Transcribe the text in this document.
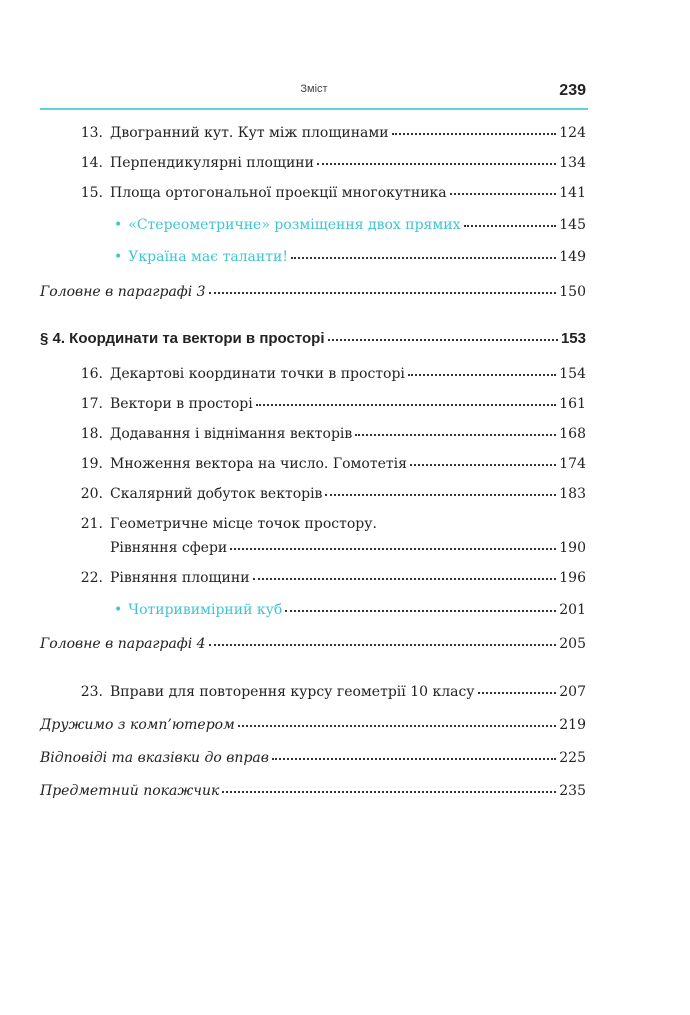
Зміст	239
13. Двогранний кут. Кут між площинами	124
14. Перпендикулярні площини	134
15. Площа ортогональної проекції многокутника	141
• «Стереометричне» розміщення двох прямих	145
• Україна має таланти!	149
Головне в параграфі 3	150
§ 4. Координати та вектори в просторі	153
16. Декартові координати точки в просторі	154
17. Вектори в просторі	161
18. Додавання і віднімання векторів	168
19. Множення вектора на число. Гомотетія	174
20. Скалярний добуток векторів	183
21. Геометричне місце точок простору.
Рівняння сфери	190
22. Рівняння площини	196
• Чотиривимірний куб	201
Головне в параграфі 4	205
23. Вправи для повторення курсу геометрії 10 класу	207
Дружимо з комп’ютером	219
Відповіді та вказівки до вправ	225
Предметний покажчик	235
